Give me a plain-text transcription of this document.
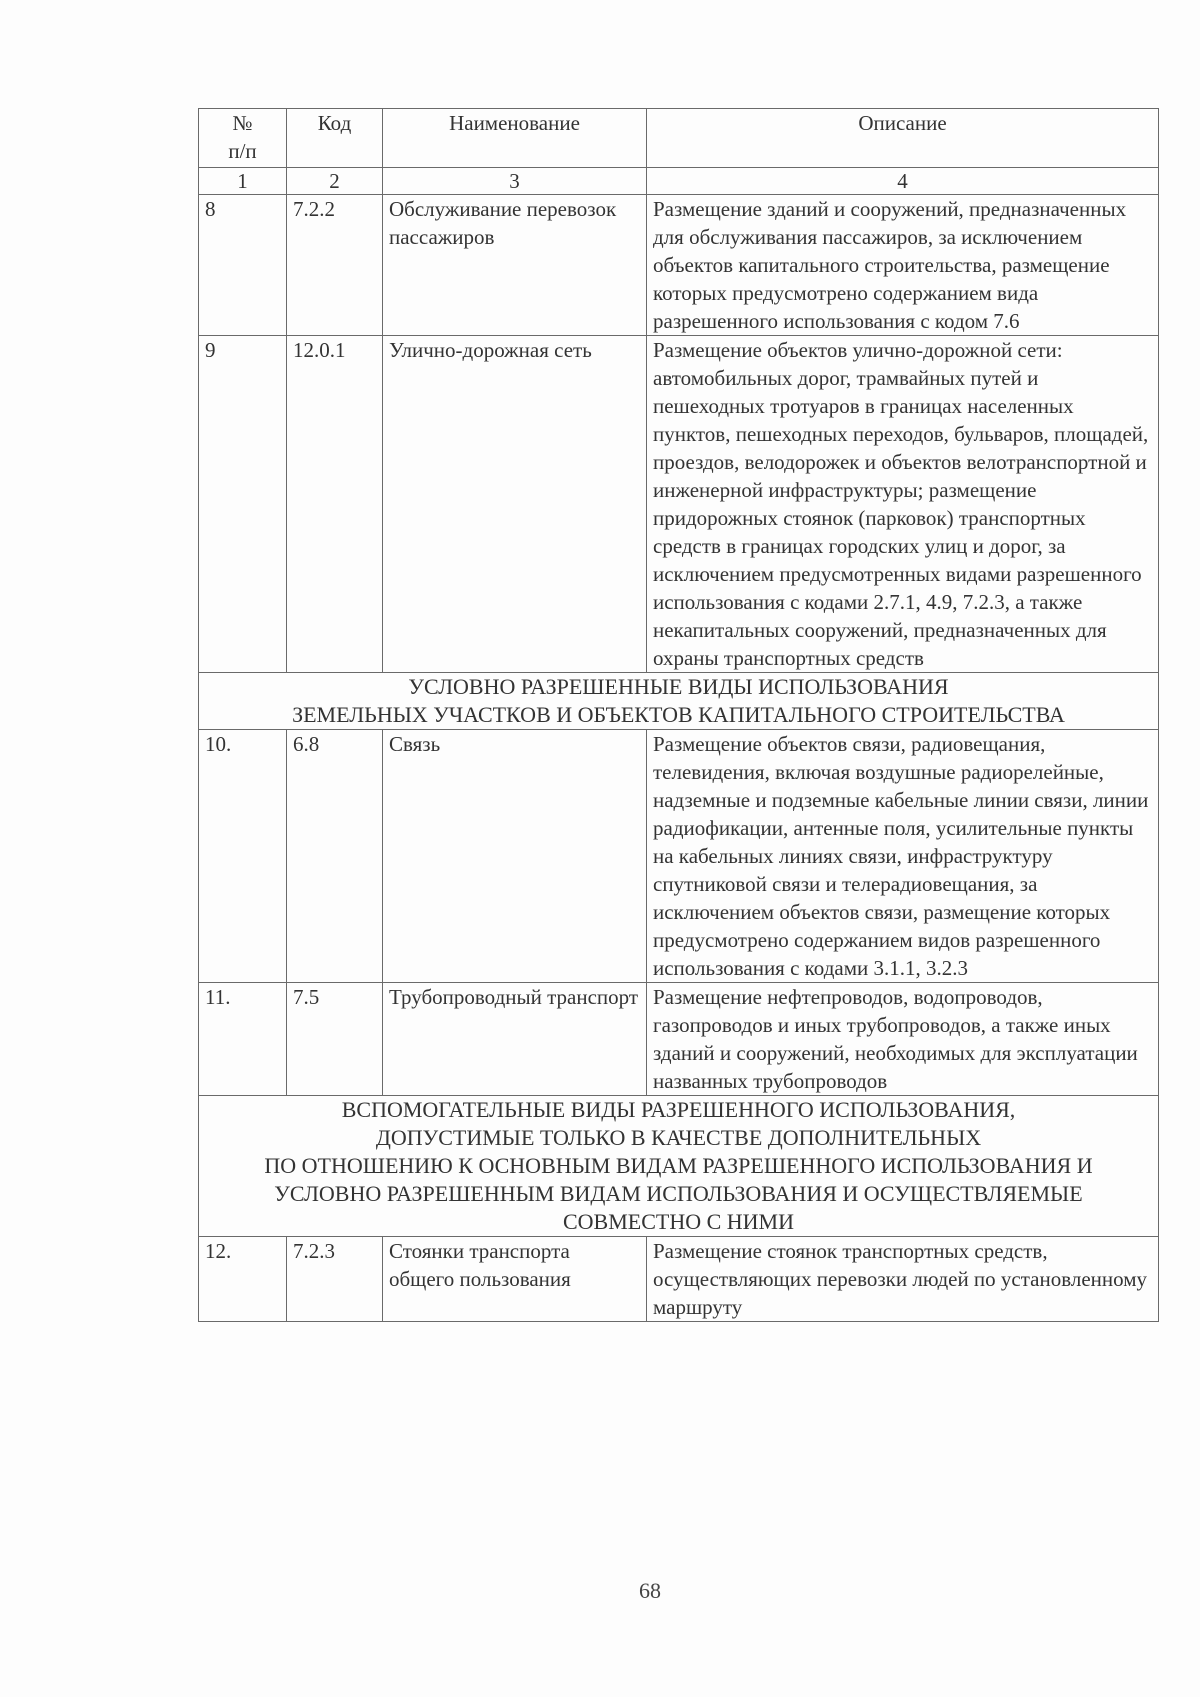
№
п/п	Код	Наименование	Описание
1	2	3	4
8	7.2.2	Обслуживание перевозок пассажиров	Размещение зданий и сооружений, предназначенных для обслуживания пассажиров, за исключением объектов капитального строительства, размещение которых предусмотрено содержанием вида разрешенного использования с кодом 7.6
9	12.0.1	Улично-дорожная сеть	Размещение объектов улично-дорожной сети: автомобильных дорог, трамвайных путей и пешеходных тротуаров в границах населенных пунктов, пешеходных переходов, бульваров, площадей, проездов, велодорожек и объектов велотранспортной и инженерной инфраструктуры; размещение придорожных стоянок (парковок) транспортных средств в границах городских улиц и дорог, за исключением предусмотренных видами разрешенного использования с кодами 2.7.1, 4.9, 7.2.3, а также некапитальных сооружений, предназначенных для охраны транспортных средств

УСЛОВНО РАЗРЕШЕННЫЕ ВИДЫ ИСПОЛЬЗОВАНИЯ
ЗЕМЕЛЬНЫХ УЧАСТКОВ И ОБЪЕКТОВ КАПИТАЛЬНОГО СТРОИТЕЛЬСТВА			

10.	6.8	Связь	Размещение объектов связи, радиовещания, телевидения, включая воздушные радиорелейные, надземные и подземные кабельные линии связи, линии радиофикации, антенные поля, усилительные пункты на кабельных линиях связи, инфраструктуру спутниковой связи и телерадиовещания, за исключением объектов связи, размещение которых предусмотрено содержанием видов разрешенного использования с кодами 3.1.1, 3.2.3
11.	7.5	Трубопроводный транспорт	Размещение нефтепроводов, водопроводов, газопроводов и иных трубопроводов, а также иных зданий и сооружений, необходимых для эксплуатации названных трубопроводов

ВСПОМОГАТЕЛЬНЫЕ ВИДЫ РАЗРЕШЕННОГО ИСПОЛЬЗОВАНИЯ,
ДОПУСТИМЫЕ ТОЛЬКО В КАЧЕСТВЕ ДОПОЛНИТЕЛЬНЫХ
ПО ОТНОШЕНИЮ К ОСНОВНЫМ ВИДАМ РАЗРЕШЕННОГО ИСПОЛЬЗОВАНИЯ И
УСЛОВНО РАЗРЕШЕННЫМ ВИДАМ ИСПОЛЬЗОВАНИЯ И ОСУЩЕСТВЛЯЕМЫЕ
СОВМЕСТНО С НИМИ			

12.	7.2.3	Стоянки транспорта общего пользования	Размещение стоянок транспортных средств, осуществляющих перевозки людей по установленному маршруту
68
